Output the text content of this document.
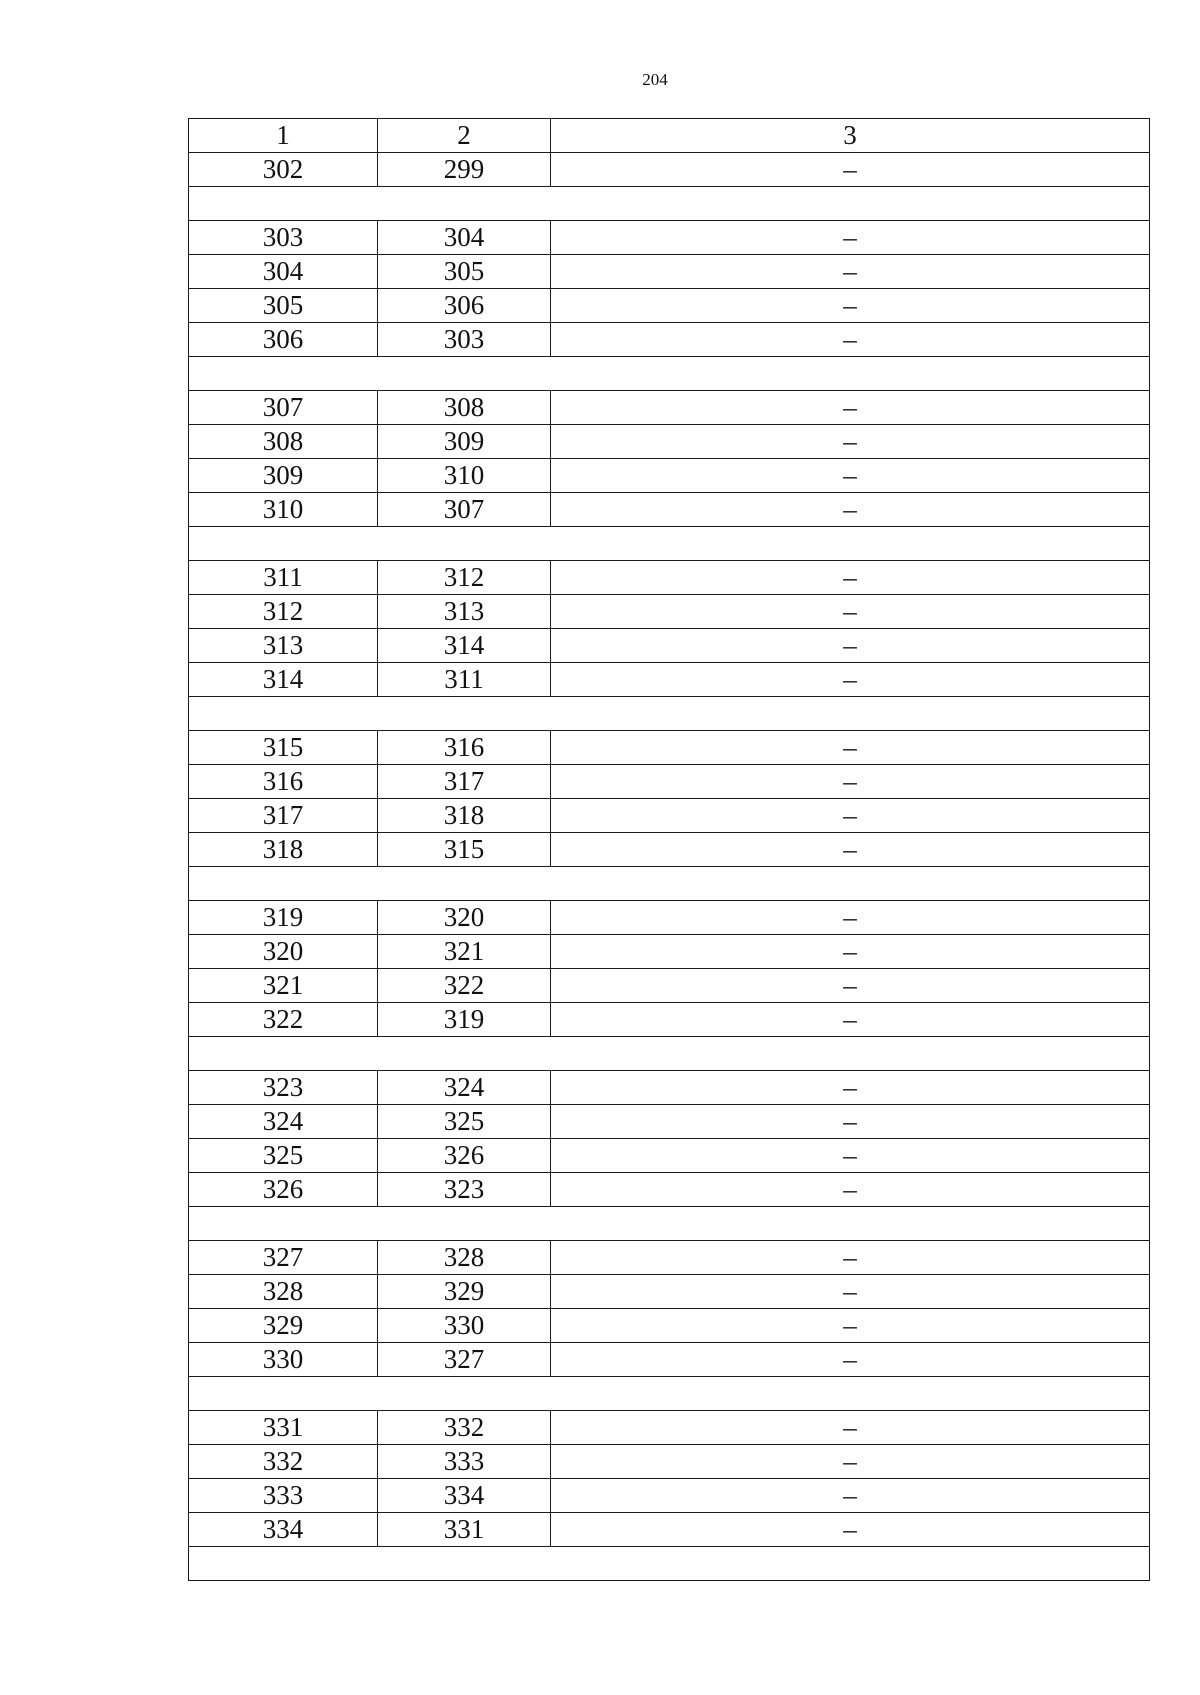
204
1	2	3
302	299	–

303	304	–
304	305	–
305	306	–
306	303	–

307	308	–
308	309	–
309	310	–
310	307	–

311	312	–
312	313	–
313	314	–
314	311	–

315	316	–
316	317	–
317	318	–
318	315	–

319	320	–
320	321	–
321	322	–
322	319	–

323	324	–
324	325	–
325	326	–
326	323	–

327	328	–
328	329	–
329	330	–
330	327	–

331	332	–
332	333	–
333	334	–
334	331	–
